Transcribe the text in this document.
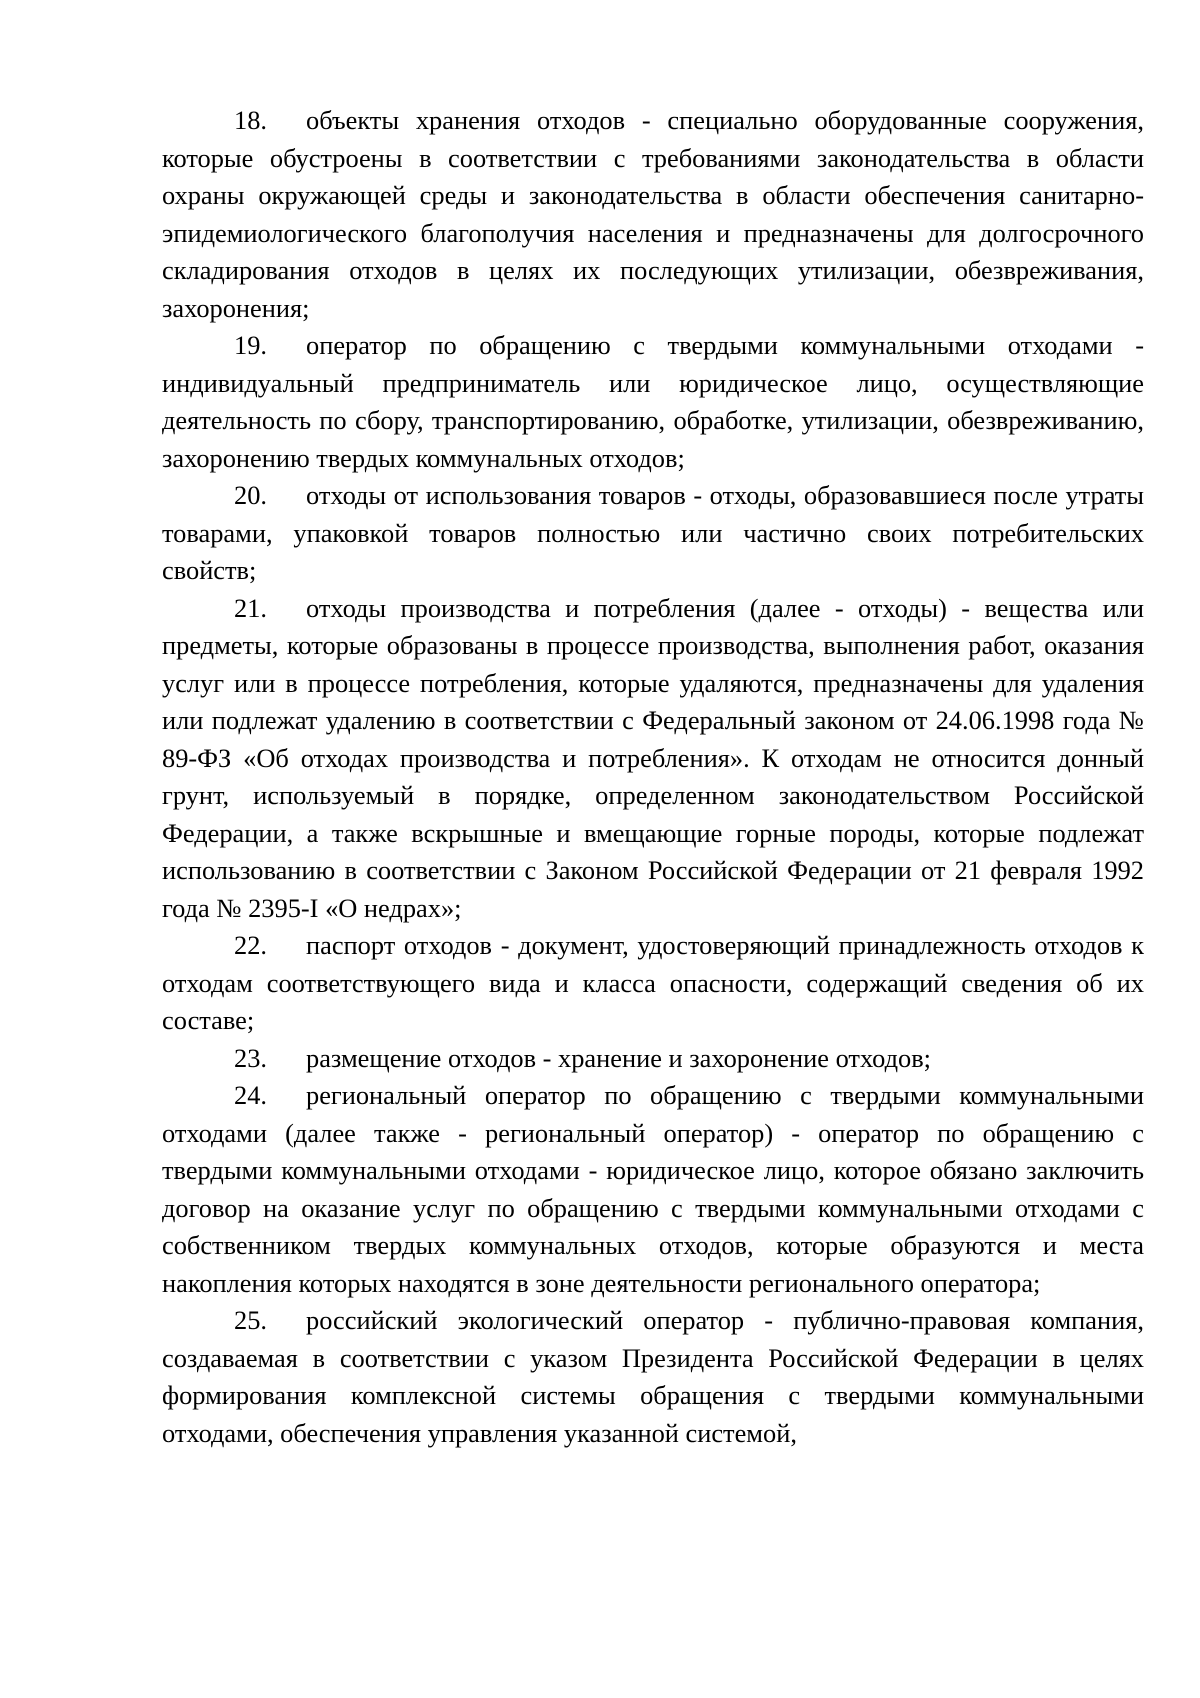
18. объекты хранения отходов - специально оборудованные сооружения, которые обустроены в соответствии с требованиями законодательства в области охраны окружающей среды и законодательства в области обеспечения санитарно-эпидемиологического благополучия населения и предназначены для долгосрочного складирования отходов в целях их последующих утилизации, обезвреживания, захоронения;

19. оператор по обращению с твердыми коммунальными отходами - индивидуальный предприниматель или юридическое лицо, осуществляющие деятельность по сбору, транспортированию, обработке, утилизации, обезвреживанию, захоронению твердых коммунальных отходов;

20. отходы от использования товаров - отходы, образовавшиеся после утраты товарами, упаковкой товаров полностью или частично своих потребительских свойств;

21. отходы производства и потребления (далее - отходы) - вещества или предметы, которые образованы в процессе производства, выполнения работ, оказания услуг или в процессе потребления, которые удаляются, предназначены для удаления или подлежат удалению в соответствии с Федеральный законом от 24.06.1998 года № 89-ФЗ «Об отходах производства и потребления». К отходам не относится донный грунт, используемый в порядке, определенном законодательством Российской Федерации, а также вскрышные и вмещающие горные породы, которые подлежат использованию в соответствии с Законом Российской Федерации от 21 февраля 1992 года № 2395-I «О недрах»;

22. паспорт отходов - документ, удостоверяющий принадлежность отходов к отходам соответствующего вида и класса опасности, содержащий сведения об их составе;

23. размещение отходов - хранение и захоронение отходов;

24. региональный оператор по обращению с твердыми коммунальными отходами (далее также - региональный оператор) - оператор по обращению с твердыми коммунальными отходами - юридическое лицо, которое обязано заключить договор на оказание услуг по обращению с твердыми коммунальными отходами с собственником твердых коммунальных отходов, которые образуются и места накопления которых находятся в зоне деятельности регионального оператора;

25. российский экологический оператор - публично-правовая компания, создаваемая в соответствии с указом Президента Российской Федерации в целях формирования комплексной системы обращения с твердыми коммунальными отходами, обеспечения управления указанной системой,
